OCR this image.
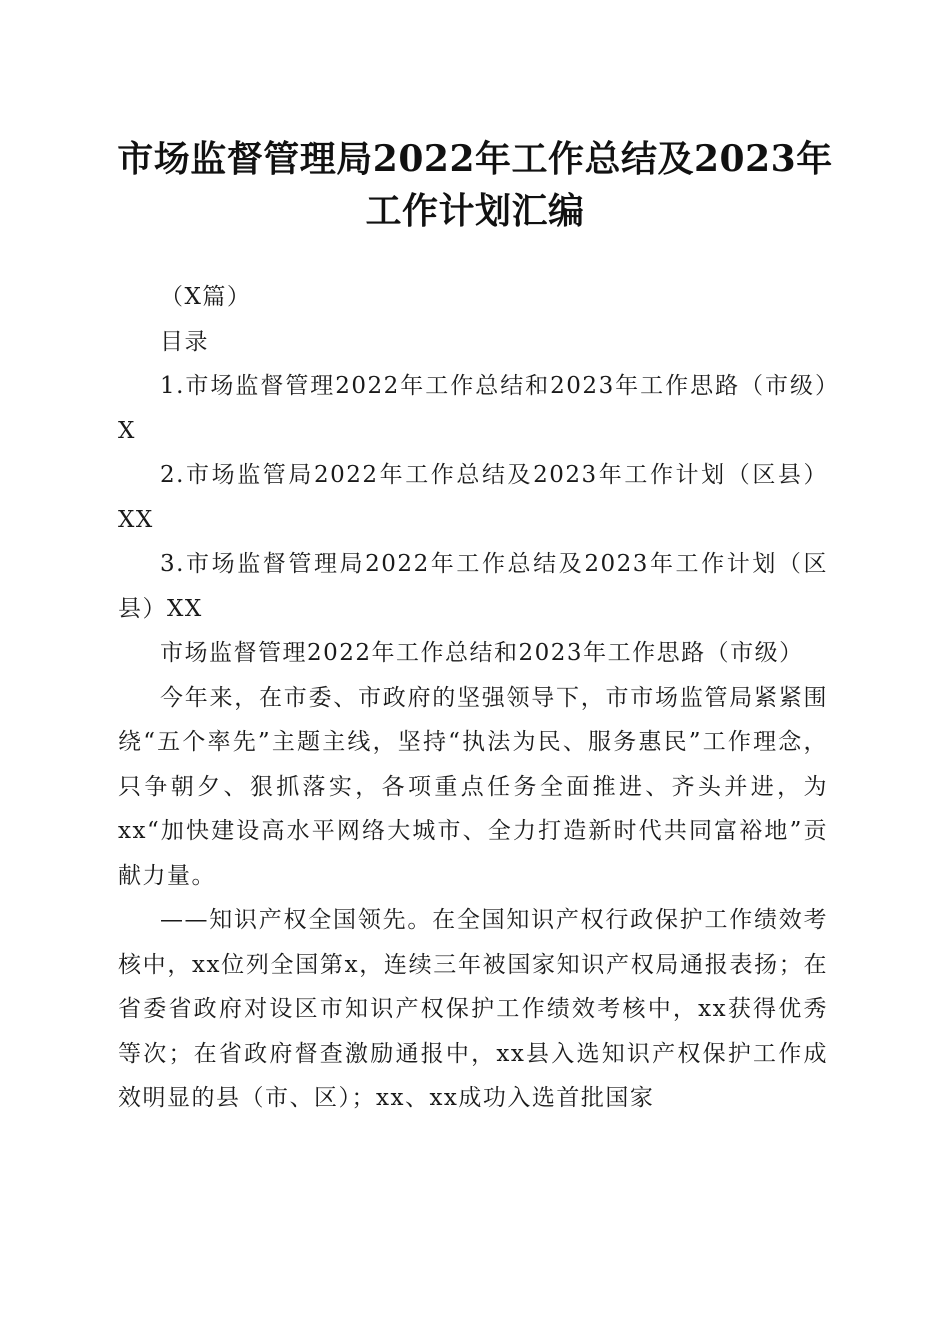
市场监督管理局2022年工作总结及2023年工作计划汇编

（X篇）

目录

1.市场监督管理2022年工作总结和2023年工作思路（市级）X

2.市场监管局2022年工作总结及2023年工作计划（区县）XX

3.市场监督管理局2022年工作总结及2023年工作计划（区县）XX

市场监督管理2022年工作总结和2023年工作思路（市级）

今年来，在市委、市政府的坚强领导下，市市场监管局紧紧围绕“五个率先”主题主线，坚持“执法为民、服务惠民”工作理念，只争朝夕、狠抓落实，各项重点任务全面推进、齐头并进，为xx“加快建设高水平网络大城市、全力打造新时代共同富裕地”贡献力量。

——知识产权全国领先。在全国知识产权行政保护工作绩效考核中，xx位列全国第x，连续三年被国家知识产权局通报表扬；在省委省政府对设区市知识产权保护工作绩效考核中，xx获得优秀等次；在省政府督查激励通报中，xx县入选知识产权保护工作成效明显的县（市、区）；xx、xx成功入选首批国家
